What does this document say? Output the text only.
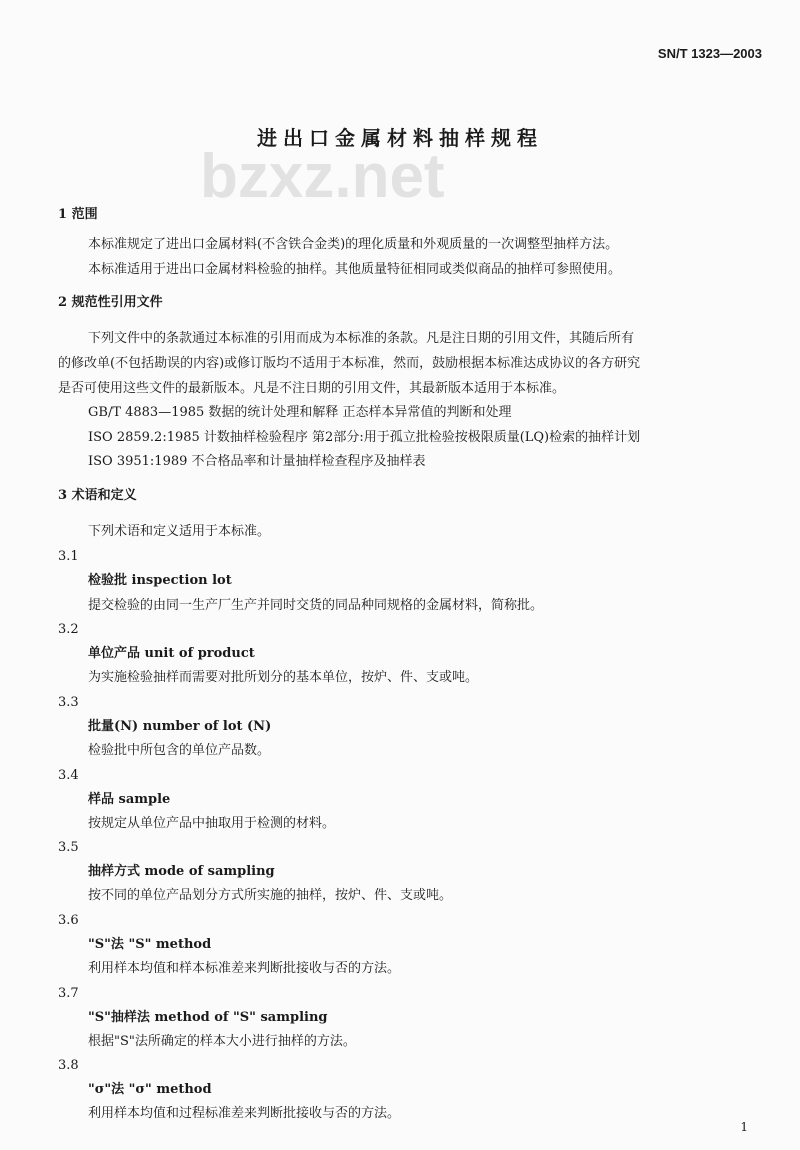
SN/T 1323—2003
bzxz.net
进出口金属材料抽样规程
1 范围
本标准规定了进出口金属材料(不含铁合金类)的理化质量和外观质量的一次调整型抽样方法。
本标准适用于进出口金属材料检验的抽样。其他质量特征相同或类似商品的抽样可参照使用。
2 规范性引用文件
下列文件中的条款通过本标准的引用而成为本标准的条款。凡是注日期的引用文件，其随后所有
的修改单(不包括勘误的内容)或修订版均不适用于本标准，然而，鼓励根据本标准达成协议的各方研究
是否可使用这些文件的最新版本。凡是不注日期的引用文件，其最新版本适用于本标准。
GB/T 4883—1985 数据的统计处理和解释 正态样本异常值的判断和处理
ISO 2859.2:1985 计数抽样检验程序 第2部分:用于孤立批检验按极限质量(LQ)检索的抽样计划
ISO 3951:1989 不合格品率和计量抽样检查程序及抽样表
3 术语和定义
下列术语和定义适用于本标准。
3.1
检验批 inspection lot
提交检验的由同一生产厂生产并同时交货的同品种同规格的金属材料，简称批。
3.2
单位产品 unit of product
为实施检验抽样而需要对批所划分的基本单位，按炉、件、支或吨。
3.3
批量(N) number of lot (N)
检验批中所包含的单位产品数。
3.4
样品 sample
按规定从单位产品中抽取用于检测的材料。
3.5
抽样方式 mode of sampling
按不同的单位产品划分方式所实施的抽样，按炉、件、支或吨。
3.6
"S"法 "S" method
利用样本均值和样本标准差来判断批接收与否的方法。
3.7
"S"抽样法 method of "S" sampling
根据"S"法所确定的样本大小进行抽样的方法。
3.8
"σ"法 "σ" method
利用样本均值和过程标准差来判断批接收与否的方法。
1
